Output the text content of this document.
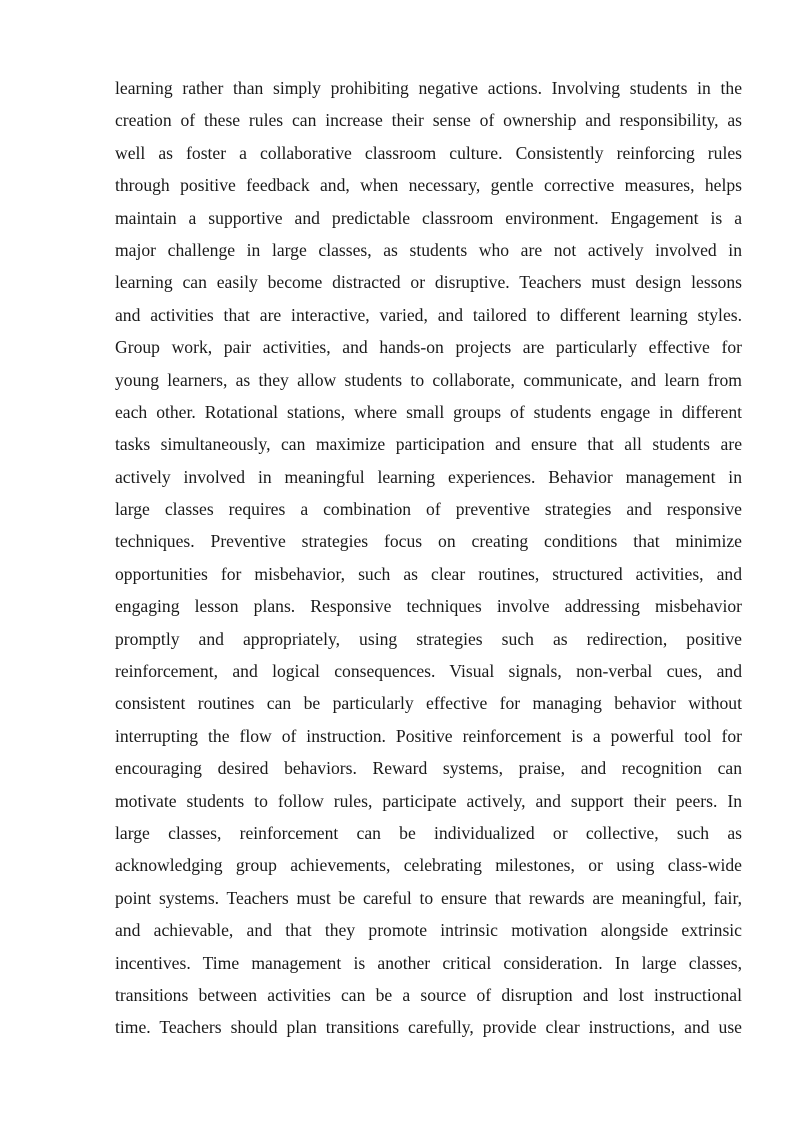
learning rather than simply prohibiting negative actions. Involving students in the
creation of these rules can increase their sense of ownership and responsibility, as
well as foster a collaborative classroom culture. Consistently reinforcing rules
through positive feedback and, when necessary, gentle corrective measures, helps
maintain a supportive and predictable classroom environment. Engagement is a
major challenge in large classes, as students who are not actively involved in
learning can easily become distracted or disruptive. Teachers must design lessons
and activities that are interactive, varied, and tailored to different learning styles.
Group work, pair activities, and hands-on projects are particularly effective for
young learners, as they allow students to collaborate, communicate, and learn from
each other. Rotational stations, where small groups of students engage in different
tasks simultaneously, can maximize participation and ensure that all students are
actively involved in meaningful learning experiences. Behavior management in
large classes requires a combination of preventive strategies and responsive
techniques. Preventive strategies focus on creating conditions that minimize
opportunities for misbehavior, such as clear routines, structured activities, and
engaging lesson plans. Responsive techniques involve addressing misbehavior
promptly and appropriately, using strategies such as redirection, positive
reinforcement, and logical consequences. Visual signals, non-verbal cues, and
consistent routines can be particularly effective for managing behavior without
interrupting the flow of instruction. Positive reinforcement is a powerful tool for
encouraging desired behaviors. Reward systems, praise, and recognition can
motivate students to follow rules, participate actively, and support their peers. In
large classes, reinforcement can be individualized or collective, such as
acknowledging group achievements, celebrating milestones, or using class-wide
point systems. Teachers must be careful to ensure that rewards are meaningful, fair,
and achievable, and that they promote intrinsic motivation alongside extrinsic
incentives. Time management is another critical consideration. In large classes,
transitions between activities can be a source of disruption and lost instructional
time. Teachers should plan transitions carefully, provide clear instructions, and use
